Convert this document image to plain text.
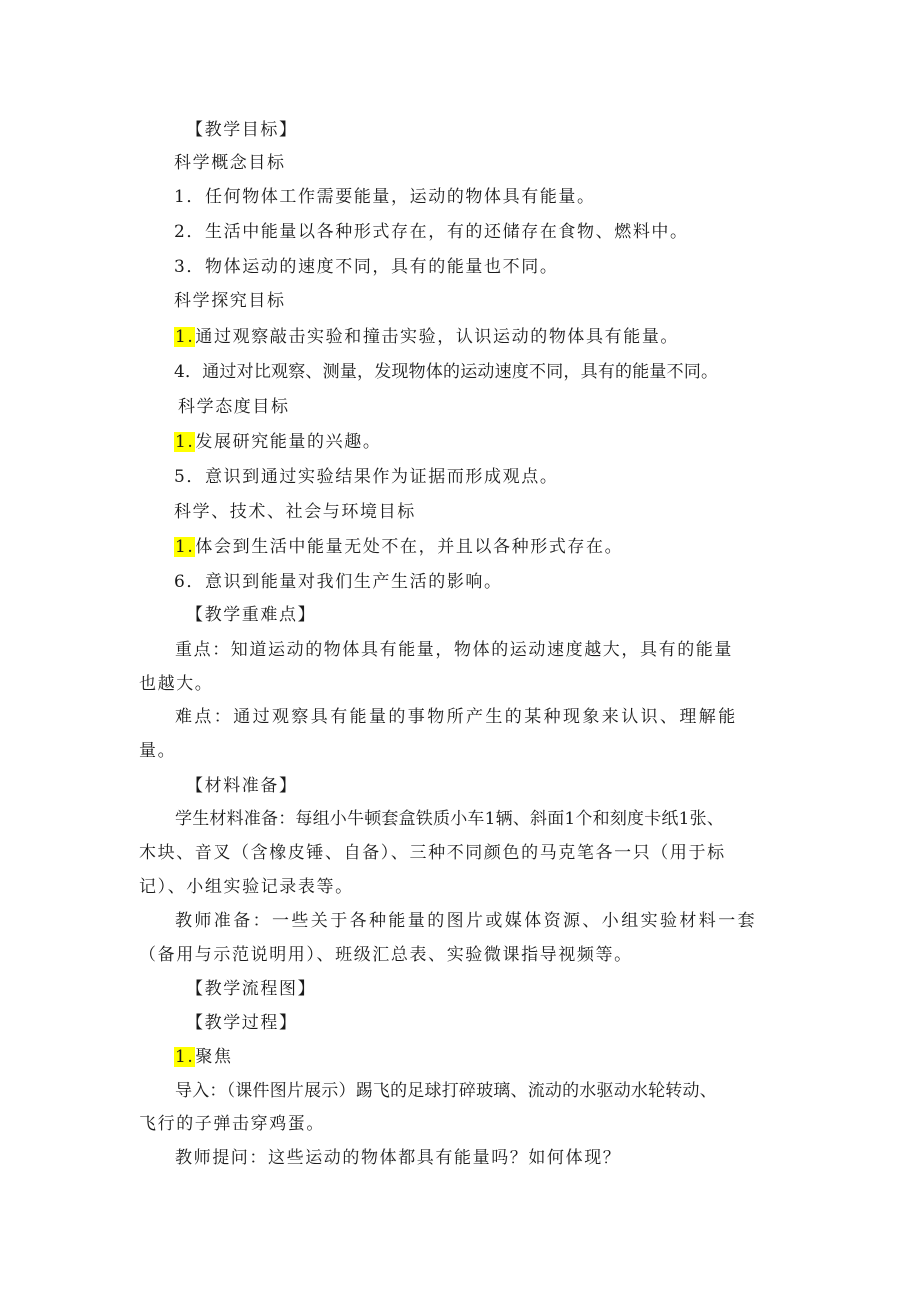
【教学目标】
科学概念目标
1．任何物体工作需要能量，运动的物体具有能量。
2．生活中能量以各种形式存在，有的还储存在食物、燃料中。
3．物体运动的速度不同，具有的能量也不同。
科学探究目标
1.通过观察敲击实验和撞击实验，认识运动的物体具有能量。
4．通过对比观察、测量，发现物体的运动速度不同，具有的能量不同。
科学态度目标
1.发展研究能量的兴趣。
5．意识到通过实验结果作为证据而形成观点。
科学、技术、社会与环境目标
1.体会到生活中能量无处不在，并且以各种形式存在。
6．意识到能量对我们生产生活的影响。
【教学重难点】
重点：知道运动的物体具有能量，物体的运动速度越大，具有的能量
也越大。
难点：通过观察具有能量的事物所产生的某种现象来认识、理解能
量。
【材料准备】
学生材料准备：每组小牛顿套盒铁质小车1辆、斜面1个和刻度卡纸1张、
木块、音叉（含橡皮锤、自备）、三种不同颜色的马克笔各一只（用于标
记）、小组实验记录表等。
教师准备：一些关于各种能量的图片或媒体资源、小组实验材料一套
（备用与示范说明用）、班级汇总表、实验微课指导视频等。
【教学流程图】
【教学过程】
1.聚焦
导入：（课件图片展示）踢飞的足球打碎玻璃、流动的水驱动水轮转动、
飞行的子弹击穿鸡蛋。
教师提问：这些运动的物体都具有能量吗？如何体现？
